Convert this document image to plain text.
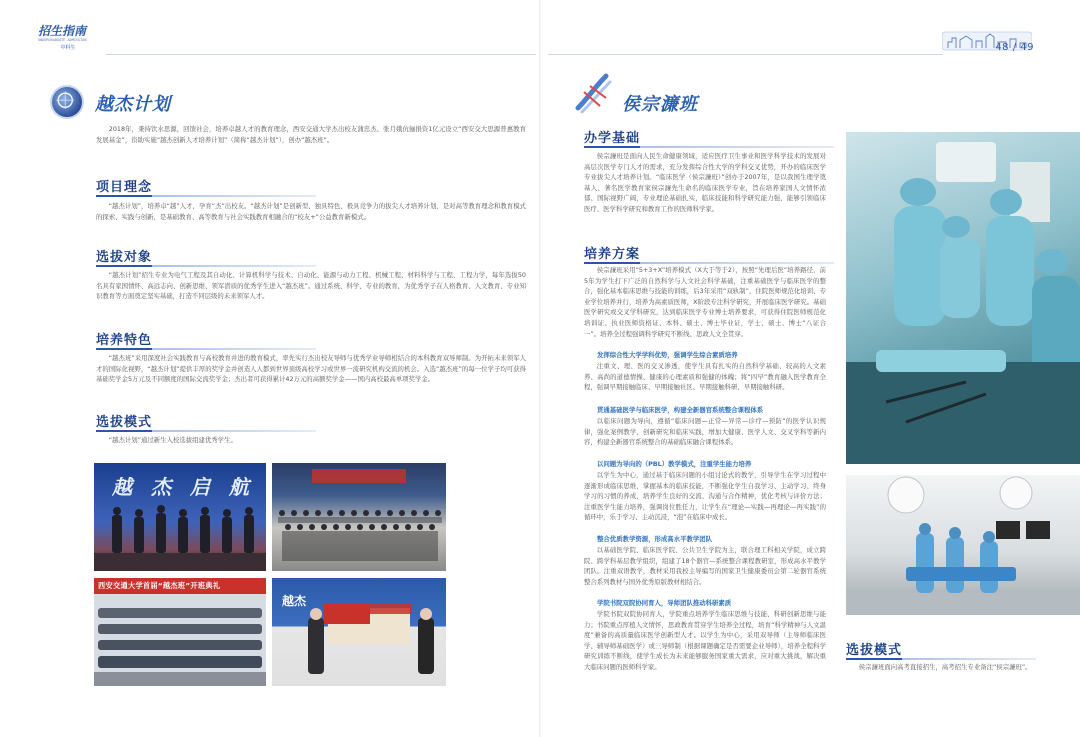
招生指南
UNDERGRADUATE ADMISSION
中科生	48 / 49
越杰计划
2018年，秉持饮水思源，回馈社会，培养卓越人才的教育理念，西安交通大学杰出校友蒲忠杰、张月娥伉俪捐资1亿元设立“西安交大思源普惠教育发展基金”，资助实施“越杰创新人才培养计划”（简称“越杰计划”），创办“越杰班”。
项目理念
“越杰计划”，培养卓“越”人才，孕育“杰”出校友。“越杰计划”是创新型、独具特色、极具竞争力的拔尖人才培养计划，是对高等教育理念和教育模式的探索、实践与创新，是基础教育、高等教育与社会实践教育相融合的“校友+”公益教育新模式。
选拔对象
“越杰计划”招生专业为电气工程及其自动化、计算机科学与技术、自动化、能源与动力工程、机械工程、材料科学与工程、工程力学，每年选拔50名具有家国情怀、高远志向、创新思维、领军潜质的优秀学生进入“越杰班”。通过系统、科学、专业的教育，为优秀学子在人格教育、人文教育、专业知识教育等方面奠定坚实基础，打造不同层级的未来领军人才。
培养特色
“越杰班”采用深度社会实践教育与高校教育并进的教育模式，率先实行杰出校友导师与优秀学业导师相结合的本科教育双导师制。为开拓未来领军人才的国际化视野，“越杰计划”提供丰厚的奖学金并创造人人都到世界顶级高校学习或世界一流研究机构交流的机会。入选“越杰班”的每一位学子均可获得基础奖学金5万元及不同额度的国际交流奖学金；杰出者可获得累计42万元的高额奖学金——国内高校最高单项奖学金。
选拔模式
“越杰计划”通过新生入校选拔组建优秀学生。
越 杰 启 航
西安交通大学首届“越杰班”开班典礼
越杰
侯宗濂班
办学基础
侯宗濂班是面向人民生命健康领域，适应医疗卫生事业和医学科学技术的发展对高层次医学专门人才的需求，充分发挥综合性大学的学科交叉优势，开办的临床医学专业拔尖人才培养计划。“临床医学（侯宗濂班）”创办于2007年，是以我国生理学奠基人、著名医学教育家侯宗濂先生命名的临床医学专业，旨在培养家国人文情怀浓郁、国际视野广阔，专业理论基础扎实，临床技能和科学研究能力强，能够引领临床医疗、医学科学研究和教育工作的医师科学家。
培养方案
侯宗濂班采用“5+3+X”培养模式（X大于等于2），按照“先理后医”培养路径，前5年为学生打下广泛的自然科学与人文社会科学基础，注重基础医学与临床医学的整合，强化基本临床思维与技能的训练，后3年采用“双轨制”，住院医师规范化培训、专业学位培养并行，培养为高素质医师，X阶段专注科学研究，开展临床医学研究。基础医学研究或交叉学科研究，达到临床医学专业博士培养要求，可获得住院医师规范化培训证、执业医师资格证、本科、硕士、博士毕业证，学士、硕士、博士“八证合一”。培养全过程强调科学研究不断线、思政人文全贯穿。
发挥综合性大学学科优势，强调学生综合素质培养
注重文、理、医的交叉渗透，使学生具有扎实的自然科学基础、较高的人文素养、高尚的道德情操、健康的心理素质和强健的体魄；将“四早”教育融入医学教育全程，强调早期接触临床、早期接触社区、早期接触科研、早期接触科研。
贯通基础医学与临床医学，构建全新器官系统整合课程体系
以临床问题为导向，遵循“临床问题—正常—异常—诊疗—预防”的医学认识规律，强化案例教学、创新研究和临床实践，增加大健康、医学人文、交叉学科等新内容，构建全新器官系统整合的基础临床融合课程体系。
以问题为导向的（PBL）教学模式，注重学生能力培养
以学生为中心，通过基于临床问题的小组讨论式的教学，引导学生在学习过程中逐渐形成临床思维，掌握基本的临床技能，不断强化学生自我学习、主动学习、终身学习的习惯的养成，培养学生良好的交流、沟通与合作精神，优化考核与评价方法；注重医学生能力培养，强调岗位胜任力，让学生在“理论—实践—再理论—再实践”的循环中，乐于学习、主动沉浸，“泡”在临床中成长。
整合优质教学资源，形成高水平教学团队
以基础医学院、临床医学院、公共卫生学院为主，联合理工科相关学院，成立跨院、跨学科基层教学组织，组建了18个器官—系统整合课程教研室，形成高水平教学团队。注重双语教学，教材采用我校主导编写的国家卫生健康委员会第二轮器官系统整合系列教材与国外优秀原版教材相结合。
学院书院双院协同育人，导师团队推动科研素质
学院书院双院协同育人，学院重点培养学生临床思维与技能、科研创新思维与能力；书院重点厚植人文情怀，思政教育贯穿学生培养全过程，培育“科学精神与人文温度”兼备的高质量临床医学创新型人才。以学生为中心，采用双导师（主导师临床医学、辅导师基础医学）或三导师制（根据课题确定是否需要企业导师），培养全程科学研究训练不断线，使学生成长为未来能够服务国家重大需求，应对重大挑战，解决重大临床问题的医师科学家。
选拔模式
侯宗濂班面向高考直接招生，高考招生专业备注“侯宗濂班”。
